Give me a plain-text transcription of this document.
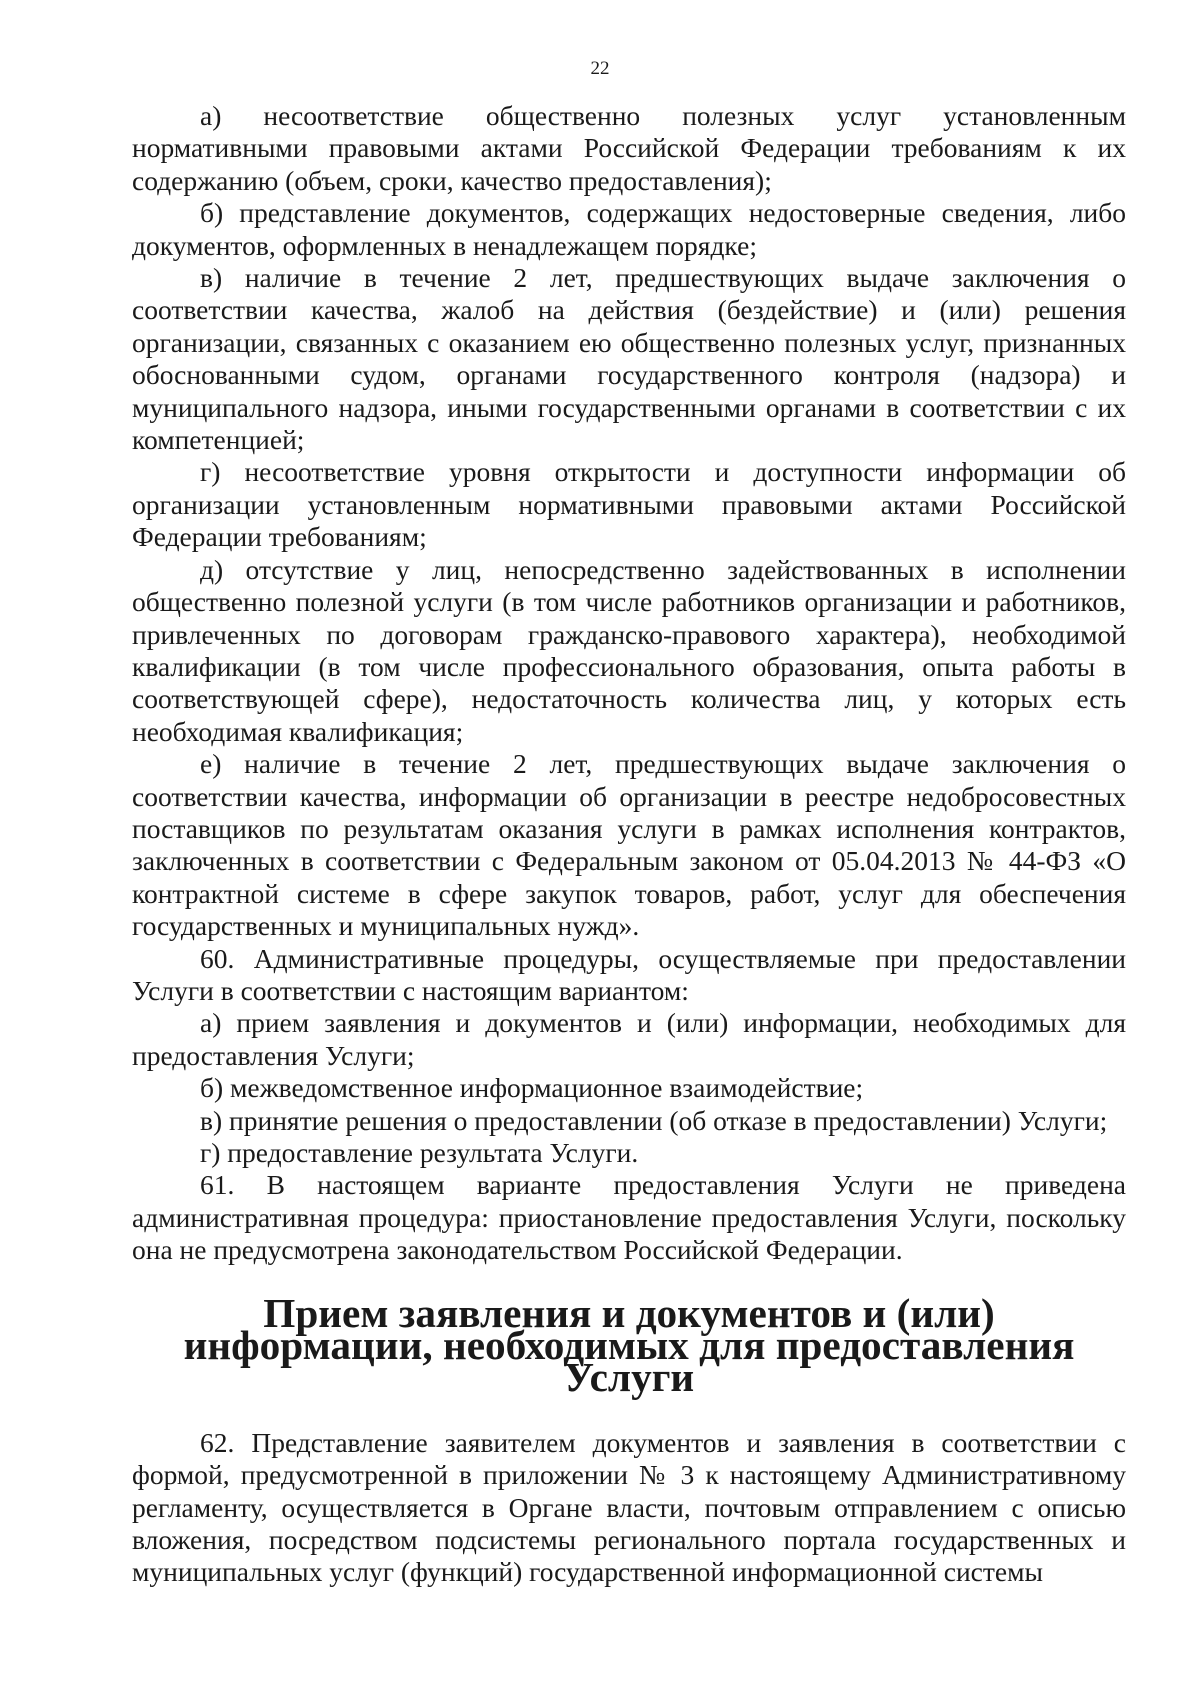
22

а) несоответствие общественно полезных услуг установленным нормативными правовыми актами Российской Федерации требованиям к их содержанию (объем, сроки, качество предоставления);

б) представление документов, содержащих недостоверные сведения, либо документов, оформленных в ненадлежащем порядке;

в) наличие в течение 2 лет, предшествующих выдаче заключения о соответствии качества, жалоб на действия (бездействие) и (или) решения организации, связанных с оказанием ею общественно полезных услуг, признанных обоснованными судом, органами государственного контроля (надзора) и муниципального надзора, иными государственными органами в соответствии с их компетенцией;

г) несоответствие уровня открытости и доступности информации об организации установленным нормативными правовыми актами Российской Федерации требованиям;

д) отсутствие у лиц, непосредственно задействованных в исполнении общественно полезной услуги (в том числе работников организации и работников, привлеченных по договорам гражданско-правового характера), необходимой квалификации (в том числе профессионального образования, опыта работы в соответствующей сфере), недостаточность количества лиц, у которых есть необходимая квалификация;

е) наличие в течение 2 лет, предшествующих выдаче заключения о соответствии качества, информации об организации в реестре недобросовестных поставщиков по результатам оказания услуги в рамках исполнения контрактов, заключенных в соответствии с Федеральным законом от 05.04.2013 № 44-ФЗ «О контрактной системе в сфере закупок товаров, работ, услуг для обеспечения государственных и муниципальных нужд».

60. Административные процедуры, осуществляемые при предоставлении Услуги в соответствии с настоящим вариантом:

а) прием заявления и документов и (или) информации, необходимых для предоставления Услуги;

б) межведомственное информационное взаимодействие;

в) принятие решения о предоставлении (об отказе в предоставлении) Услуги;

г) предоставление результата Услуги.

61. В настоящем варианте предоставления Услуги не приведена административная процедура: приостановление предоставления Услуги, поскольку она не предусмотрена законодательством Российской Федерации.

Прием заявления и документов и (или) информации, необходимых для предоставления Услуги

62. Представление заявителем документов и заявления в соответствии с формой, предусмотренной в приложении № 3 к настоящему Административному регламенту, осуществляется в Органе власти, почтовым отправлением с описью вложения, посредством подсистемы регионального портала государственных и муниципальных услуг (функций) государственной информационной системы
